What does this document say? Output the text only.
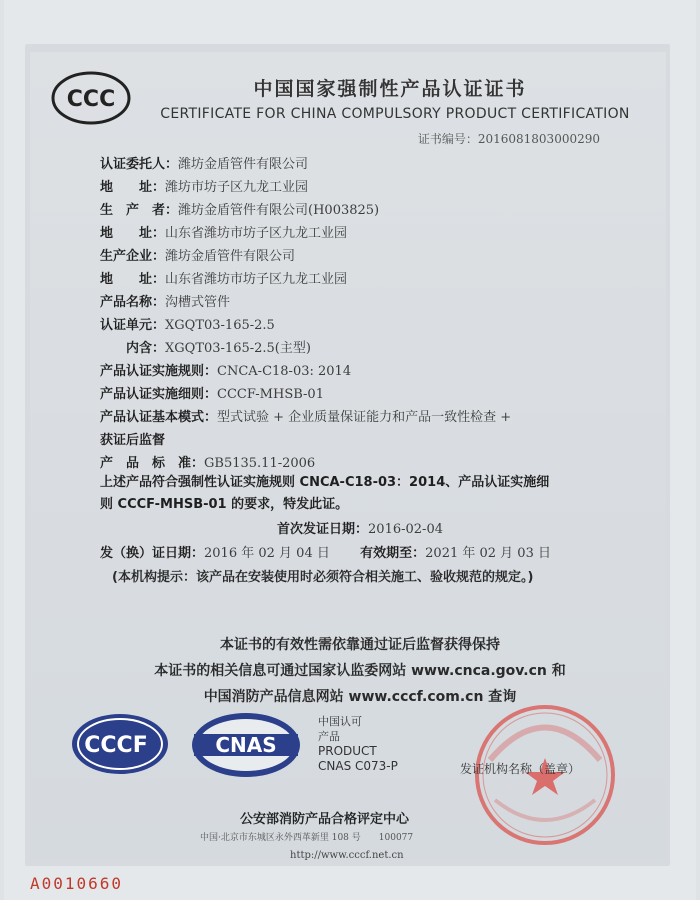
CCC	中国国家强制性产品认证证书
CERTIFICATE FOR CHINA COMPULSORY PRODUCT CERTIFICATION
证书编号：2016081803000290
认证委托人：潍坊金盾管件有限公司
地　　址：潍坊市坊子区九龙工业园
生　产　者：潍坊金盾管件有限公司(H003825)
地　　址：山东省潍坊市坊子区九龙工业园
生产企业：潍坊金盾管件有限公司
地　　址：山东省潍坊市坊子区九龙工业园
产品名称：沟槽式管件
认证单元：XGQT03-165-2.5
　　内含：XGQT03-165-2.5(主型)
产品认证实施规则：CNCA-C18-03: 2014
产品认证实施细则：CCCF-MHSB-01
产品认证基本模式：型式试验 + 企业质量保证能力和产品一致性检查 +
获证后监督
产　品　标　准：GB5135.11-2006
上述产品符合强制性认证实施规则 CNCA-C18-03：2014、产品认证实施细
则 CCCF-MHSB-01 的要求，特发此证。
首次发证日期：2016-02-04
发（换）证日期：2016 年 02 月 04 日 有效期至：2021 年 02 月 03 日
(本机构提示：该产品在安装使用时必须符合相关施工、验收规范的规定。)
本证书的有效性需依靠通过证后监督获得保持
本证书的相关信息可通过国家认监委网站 www.cnca.gov.cn 和
中国消防产品信息网站 www.cccf.com.cn 查询
CCCF	CNAS
中国认可
产品
PRODUCT
CNAS C073-P	发证机构名称（盖章）
公安部消防产品合格评定中心
中国·北京市东城区永外西革新里 108 号　　100077
http://www.cccf.net.cn
A0010660
